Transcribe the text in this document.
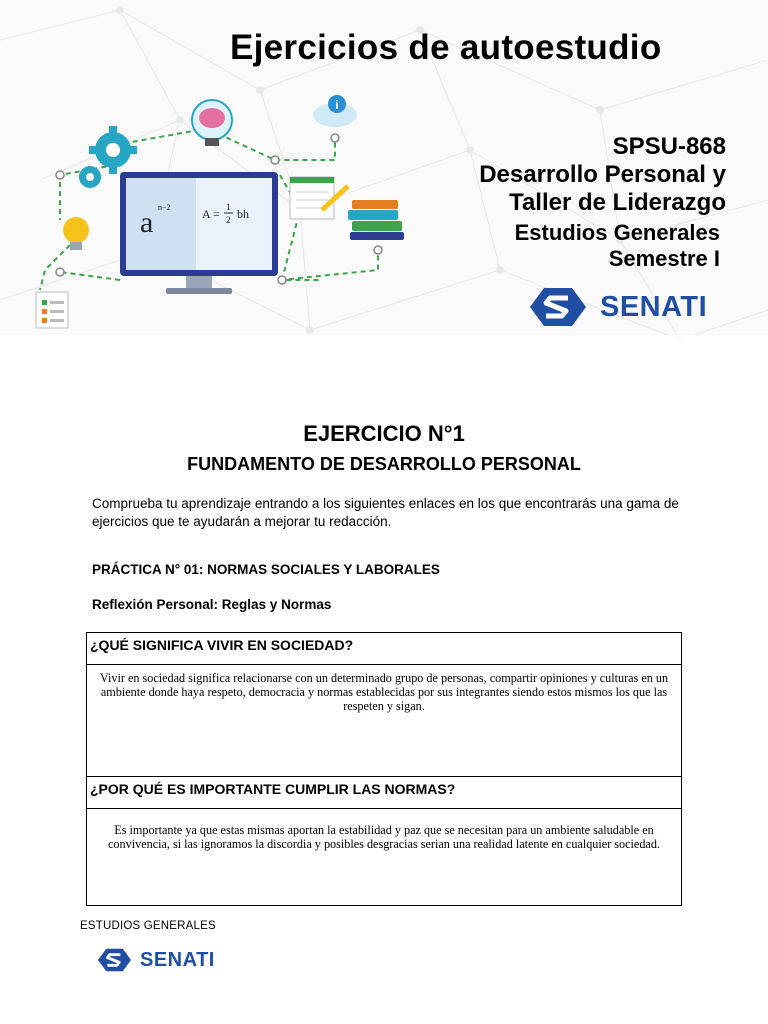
Ejercicios de autoestudio
i
a n−2	A = 1
2 bh
SPSU-868
Desarrollo Personal y
Taller de Liderazgo
Estudios Generales
Semestre I
SENATI
EJERCICIO N°1
FUNDAMENTO DE DESARROLLO PERSONAL
Comprueba tu aprendizaje entrando a los siguientes enlaces en los que encontrarás una gama de ejercicios que te ayudarán a mejorar tu redacción.
PRÁCTICA N° 01: NORMAS SOCIALES Y LABORALES
Reflexión Personal: Reglas y Normas
¿QUÉ SIGNIFICA VIVIR EN SOCIEDAD?
Vivir en sociedad significa relacionarse con un determinado grupo de personas, compartir opiniones y culturas en un ambiente donde haya respeto, democracia y normas establecidas por sus integrantes siendo estos mismos los que las respeten y sigan.
¿POR QUÉ ES IMPORTANTE CUMPLIR LAS NORMAS?
Es importante ya que estas mismas aportan la estabilidad y paz que se necesitan para un ambiente saludable en convivencia, si las ignoramos la discordia y posibles desgracias serian una realidad latente en cualquier sociedad.
ESTUDIOS GENERALES
SENATI
